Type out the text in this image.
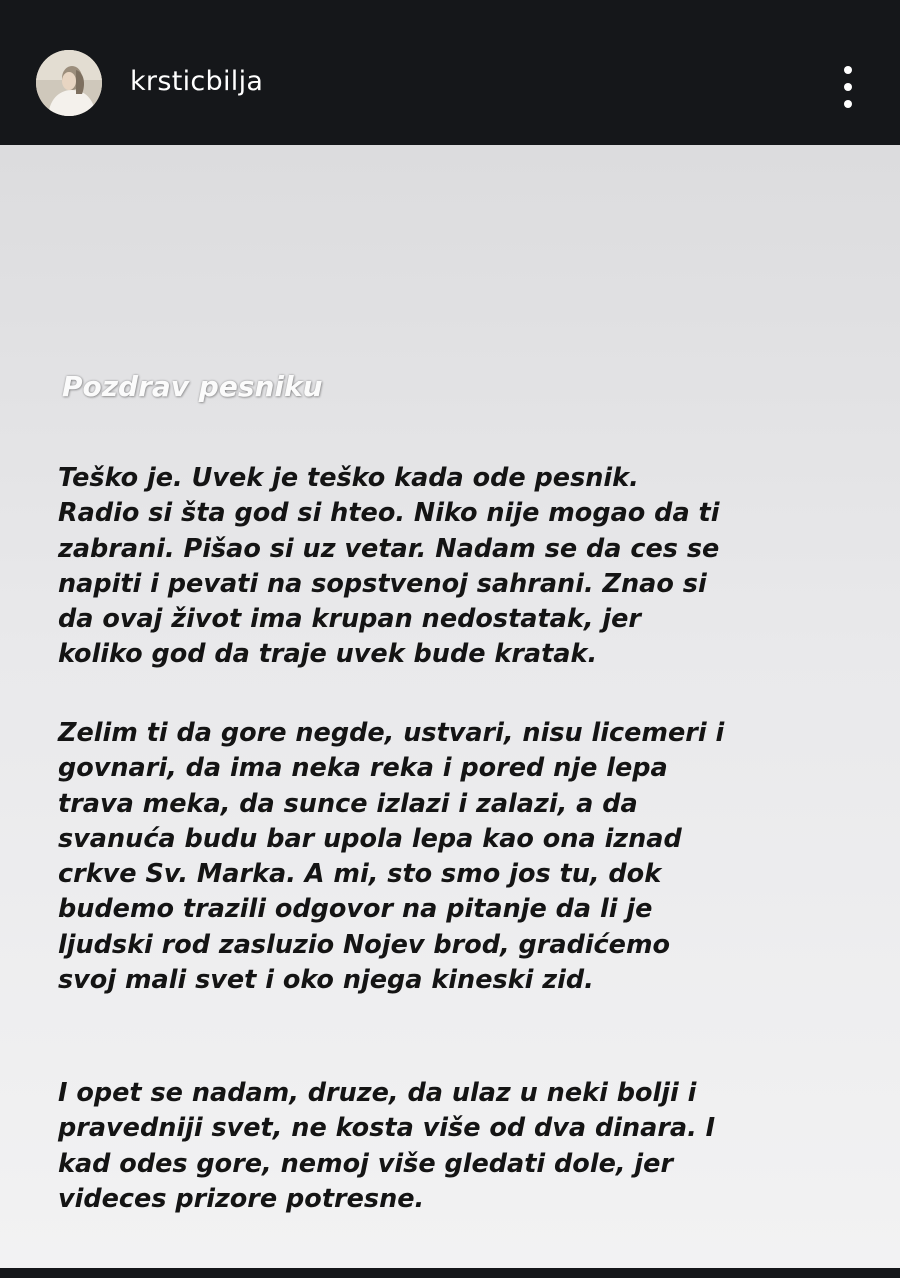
krsticbilja
Pozdrav pesniku
Teško je. Uvek je teško kada ode pesnik.
Radio si šta god si hteo. Niko nije mogao da ti
zabrani. Pišao si uz vetar. Nadam se da ces se
napiti i pevati na sopstvenoj sahrani. Znao si
da ovaj život ima krupan nedostatak, jer
koliko god da traje uvek bude kratak.
Zelim ti da gore negde, ustvari, nisu licemeri i
govnari, da ima neka reka i pored nje lepa
trava meka, da sunce izlazi i zalazi, a da
svanuća budu bar upola lepa kao ona iznad
crkve Sv. Marka. A mi, sto smo jos tu, dok
budemo trazili odgovor na pitanje da li je
ljudski rod zasluzio Nojev brod, gradićemo
svoj mali svet i oko njega kineski zid.
I opet se nadam, druze, da ulaz u neki bolji i
pravedniji svet, ne kosta više od dva dinara. I
kad odes gore, nemoj više gledati dole, jer
videces prizore potresne.
